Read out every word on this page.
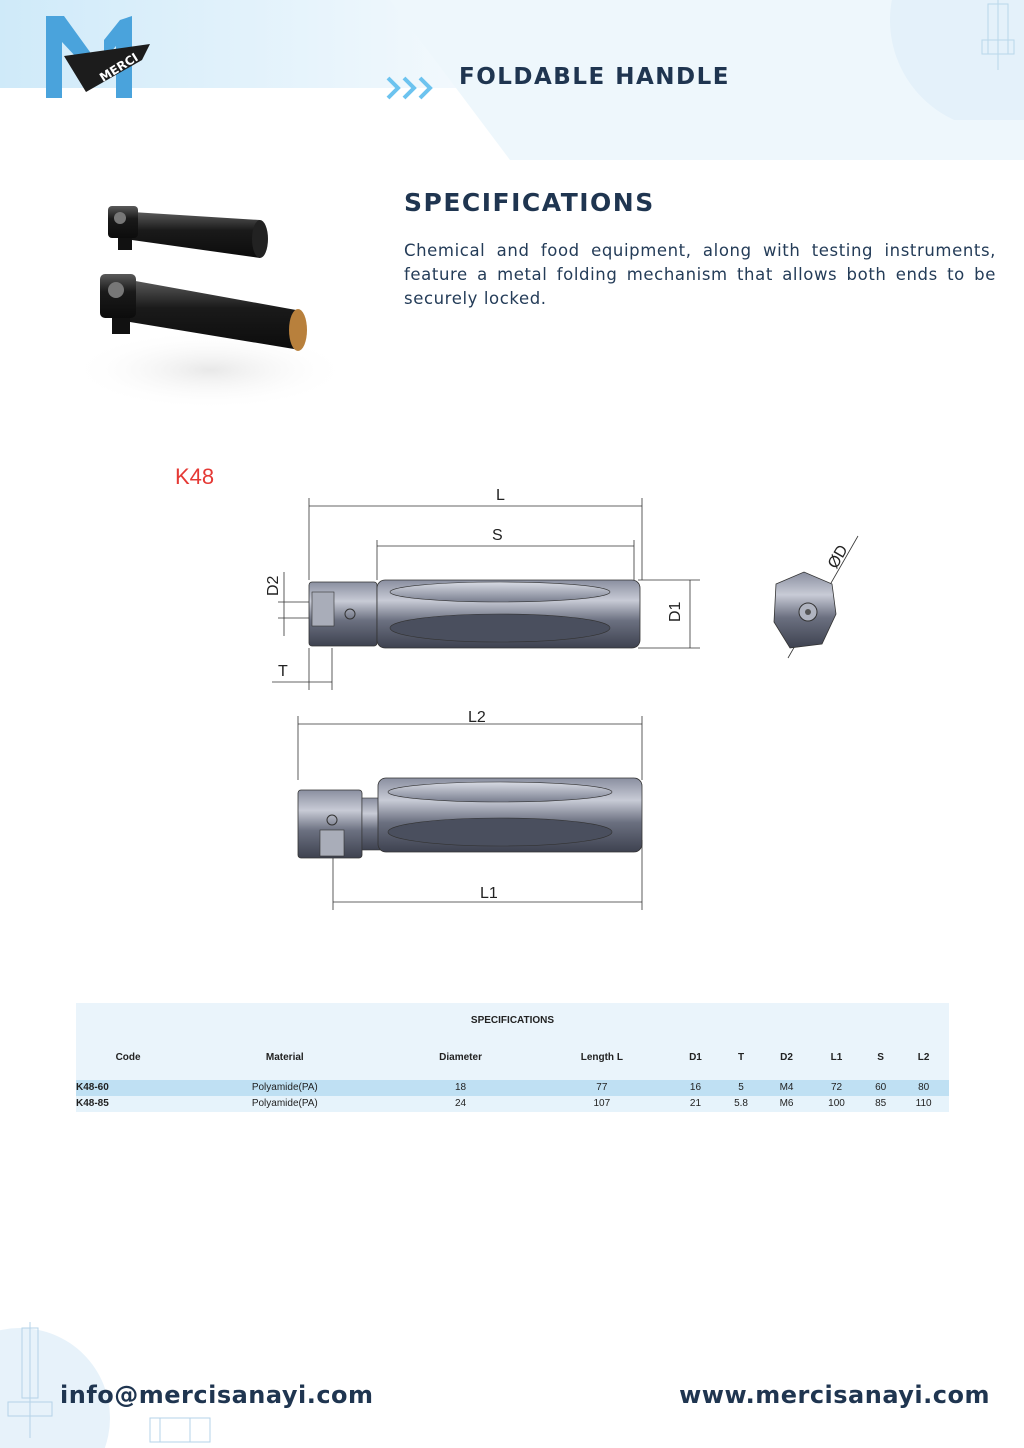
MERCI	FOLDABLE HANDLE
SPECIFICATIONS
Chemical and food equipment, along with testing instruments, feature a metal folding mechanism that allows both ends to be securely locked.
K48
L
S
D1
D2
T
ØD
L2
L1
SPECIFICATIONS									
Code	Material	Diameter	Length L	D1	T	D2	L1	S	L2
K48-60	Polyamide(PA)	18	77	16	5	M4	72	60	80
K48-85	Polyamide(PA)	24	107	21	5.8	M6	100	85	110
info@mercisanayi.com	www.mercisanayi.com
